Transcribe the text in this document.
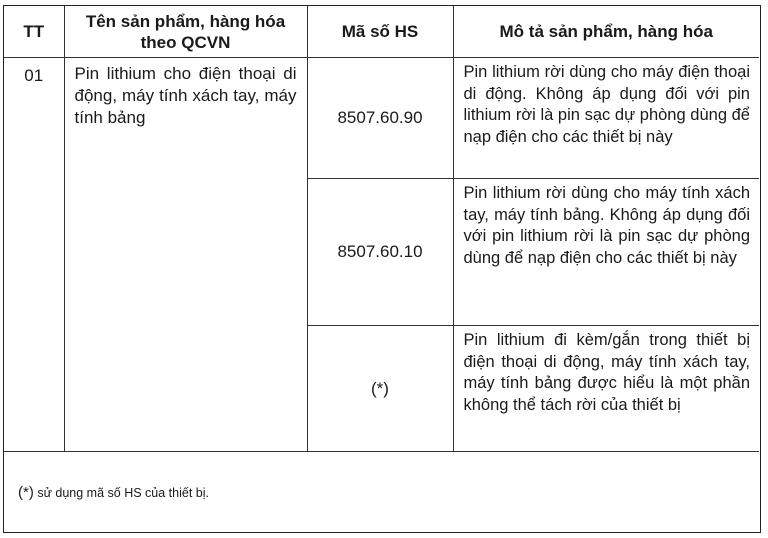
TT	Tên sản phẩm, hàng hóa theo QCVN	Mã số HS	Mô tả sản phẩm, hàng hóa
01	Pin lithium cho điện thoại di động, máy tính xách tay, máy tính bảng	8507.60.90	Pin lithium rời dùng cho máy điện thoại di động. Không áp dụng đối với pin lithium rời là pin sạc dự phòng dùng để nạp điện cho các thiết bị này
		8507.60.10	Pin lithium rời dùng cho máy tính xách tay, máy tính bảng. Không áp dụng đối với pin lithium rời là pin sạc dự phòng dùng để nạp điện cho các thiết bị này
		(*)	Pin lithium đi kèm/gắn trong thiết bị điện thoại di động, máy tính xách tay, máy tính bảng được hiểu là một phần không thể tách rời của thiết bị
(*) sử dụng mã số HS của thiết bị.
